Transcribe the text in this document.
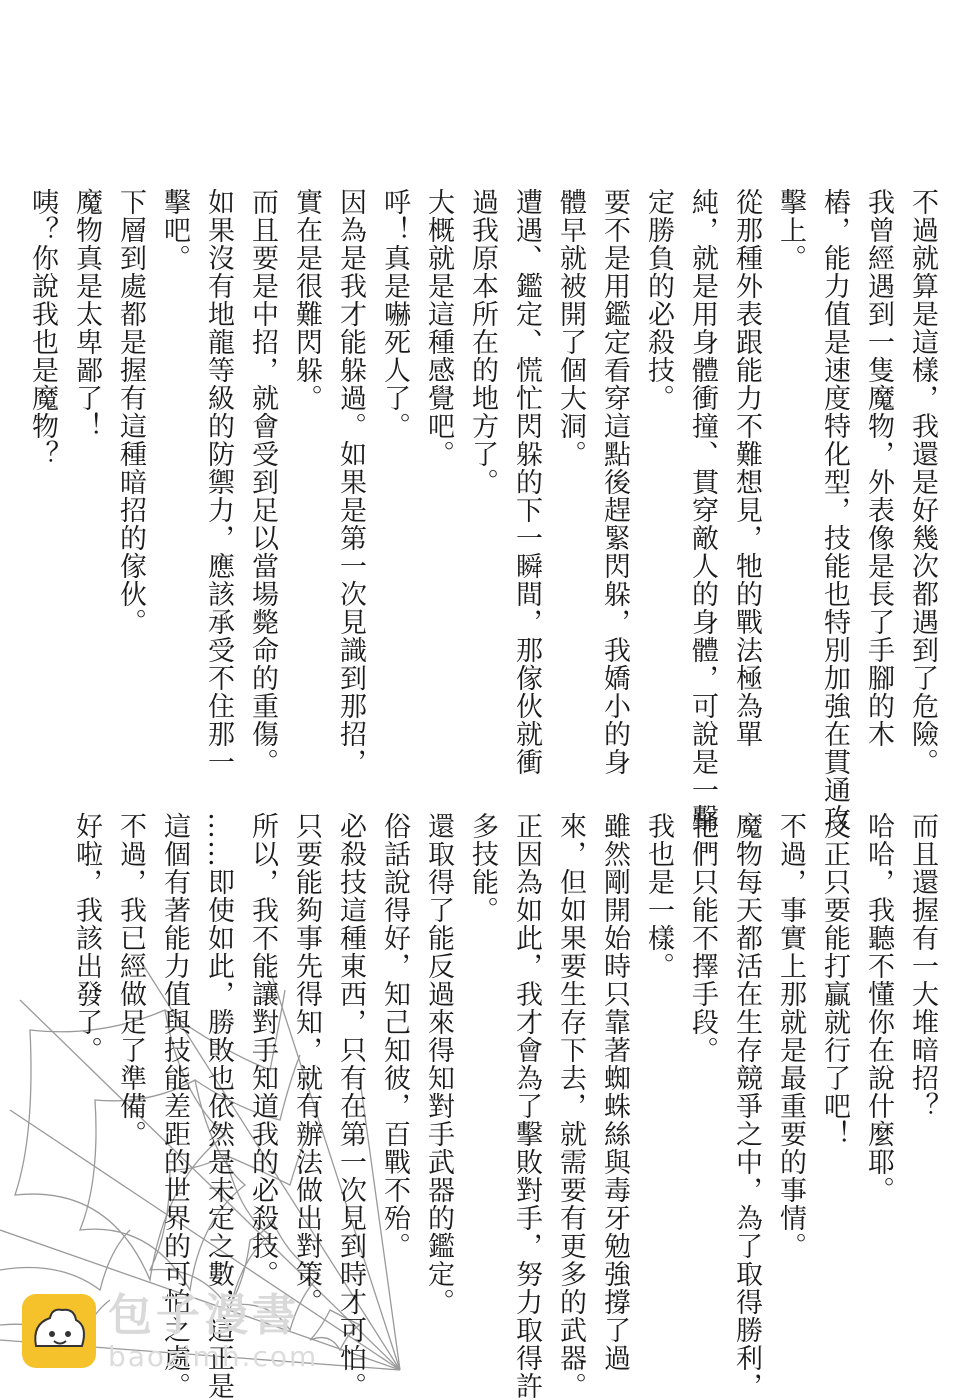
不過就算是這樣，我還是好幾次都遇到了危險。

我曾經遇到一隻魔物，外表像是長了手腳的木

樁，能力值是速度特化型，技能也特別加強在貫通攻

擊上。

從那種外表跟能力不難想見，牠的戰法極為單

純，就是用身體衝撞、貫穿敵人的身體，可說是一擊

定勝負的必殺技。

要不是用鑑定看穿這點後趕緊閃躲，我嬌小的身

體早就被開了個大洞。

遭遇、鑑定、慌忙閃躲的下一瞬間，那傢伙就衝

過我原本所在的地方了。

大概就是這種感覺吧。

呼！真是嚇死人了。

因為是我才能躲過。如果是第一次見識到那招，

實在是很難閃躲。

而且要是中招，就會受到足以當場斃命的重傷。

如果沒有地龍等級的防禦力，應該承受不住那一

擊吧。

下層到處都是握有這種暗招的傢伙。

魔物真是太卑鄙了！

咦？你說我也是魔物？

而且還握有一大堆暗招？

哈哈，我聽不懂你在說什麼耶。

反正只要能打贏就行了吧！

不過，事實上那就是最重要的事情。

魔物每天都活在生存競爭之中，為了取得勝利，

牠們只能不擇手段。

我也是一樣。

雖然剛開始時只靠著蜘蛛絲與毒牙勉強撐了過

來，但如果要生存下去，就需要有更多的武器。

正因為如此，我才會為了擊敗對手，努力取得許

多技能。

還取得了能反過來得知對手武器的鑑定。

俗話說得好，知己知彼，百戰不殆。

必殺技這種東西，只有在第一次見到時才可怕。

只要能夠事先得知，就有辦法做出對策。

所以，我不能讓對手知道我的必殺技。

……即使如此，勝敗也依然是未定之數，這正是

這個有著能力值與技能差距的世界的可怕之處。

不過，我已經做足了準備。

好啦，我該出發了。

包子漫書
baozimh.com
